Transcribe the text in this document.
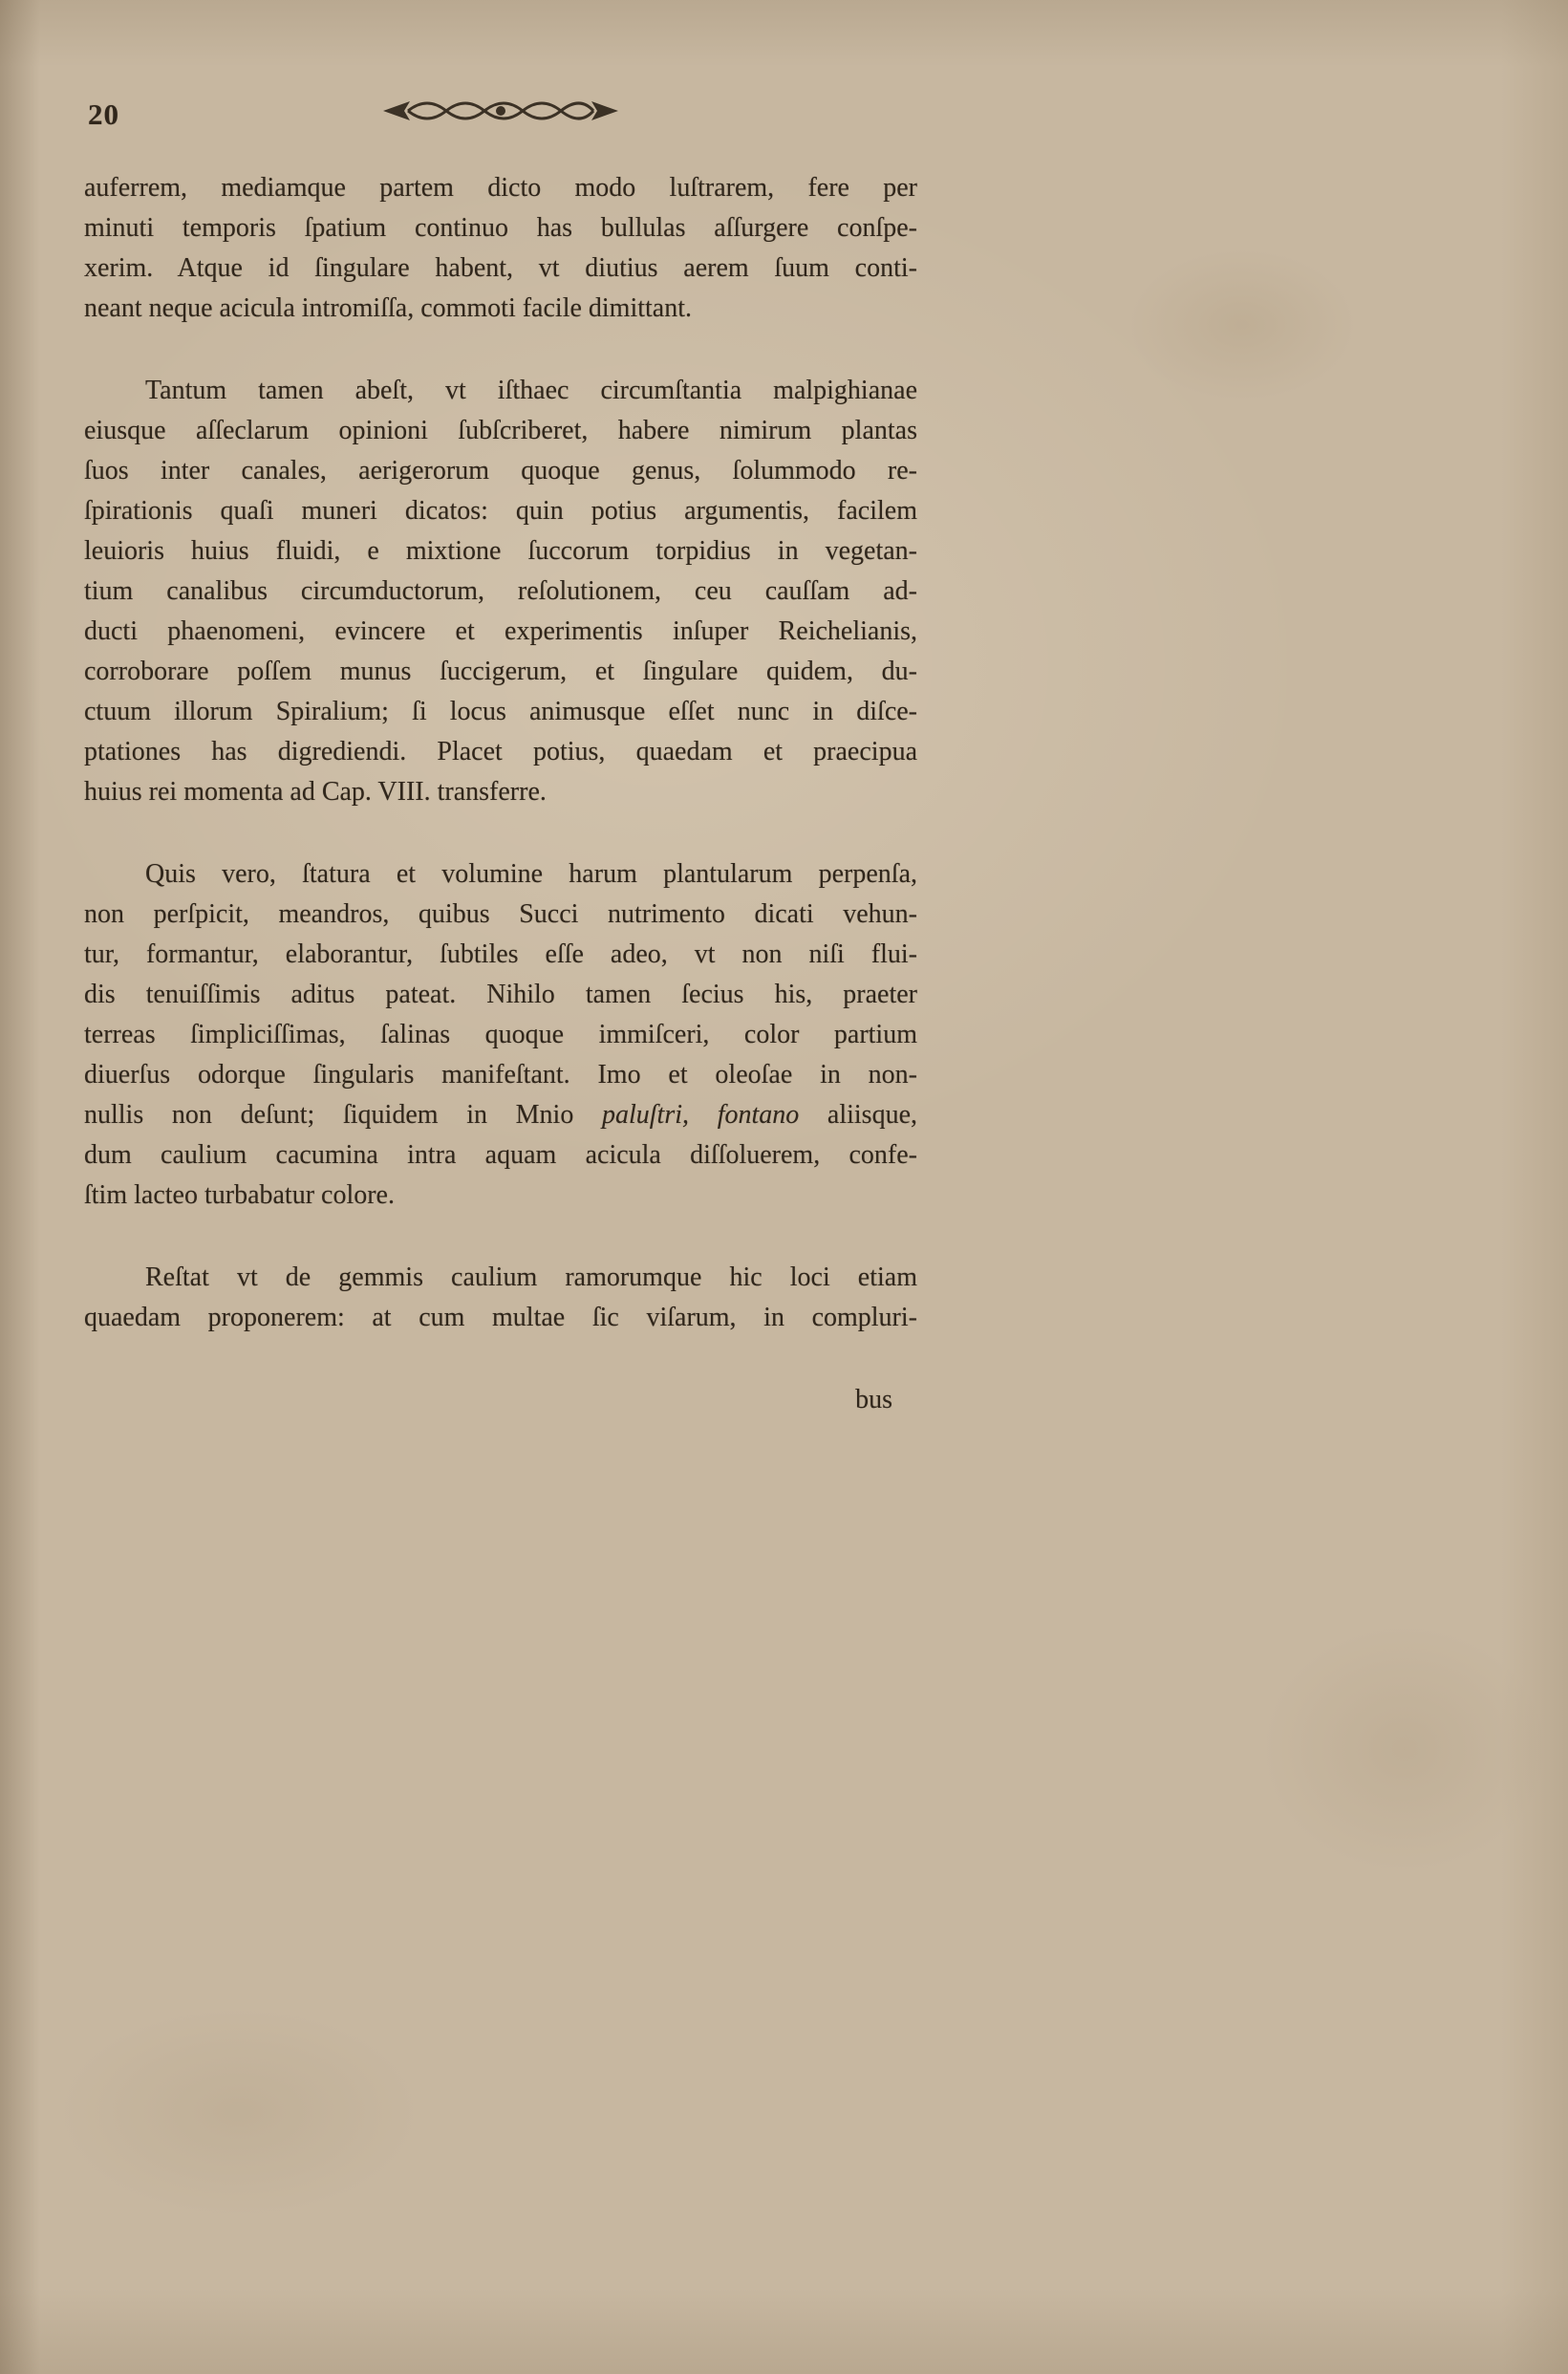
20
auferrem, mediamque partem dicto modo luſtrarem, fere per
minuti temporis ſpatium continuo has bullulas aſſurgere conſpe-
xerim. Atque id ſingulare habent, vt diutius aerem ſuum conti-
neant neque acicula intromiſſa, commoti facile dimittant.
Tantum tamen abeſt, vt iſthaec circumſtantia malpighianae
eiusque aſſeclarum opinioni ſubſcriberet, habere nimirum plantas
ſuos inter canales, aerigerorum quoque genus, ſolummodo re-
ſpirationis quaſi muneri dicatos: quin potius argumentis, facilem
leuioris huius fluidi, e mixtione ſuccorum torpidius in vegetan-
tium canalibus circumductorum, reſolutionem, ceu cauſſam ad-
ducti phaenomeni, evincere et experimentis inſuper Reichelianis,
corroborare poſſem munus ſuccigerum, et ſingulare quidem, du-
ctuum illorum Spiralium; ſi locus animusque eſſet nunc in diſce-
ptationes has digrediendi. Placet potius, quaedam et praecipua
huius rei momenta ad Cap. VIII. transferre.
Quis vero, ſtatura et volumine harum plantularum perpenſa,
non perſpicit, meandros, quibus Succi nutrimento dicati vehun-
tur, formantur, elaborantur, ſubtiles eſſe adeo, vt non niſi flui-
dis tenuiſſimis aditus pateat. Nihilo tamen ſecius his, praeter
terreas ſimpliciſſimas, ſalinas quoque immiſceri, color partium
diuerſus odorque ſingularis manifeſtant. Imo et oleoſae in non-
nullis non deſunt; ſiquidem in Mnio paluſtri, fontano aliisque,
dum caulium cacumina intra aquam acicula diſſoluerem, confe-
ſtim lacteo turbabatur colore.
Reſtat vt de gemmis caulium ramorumque hic loci etiam
quaedam proponerem: at cum multae ſic viſarum, in compluri-
bus
